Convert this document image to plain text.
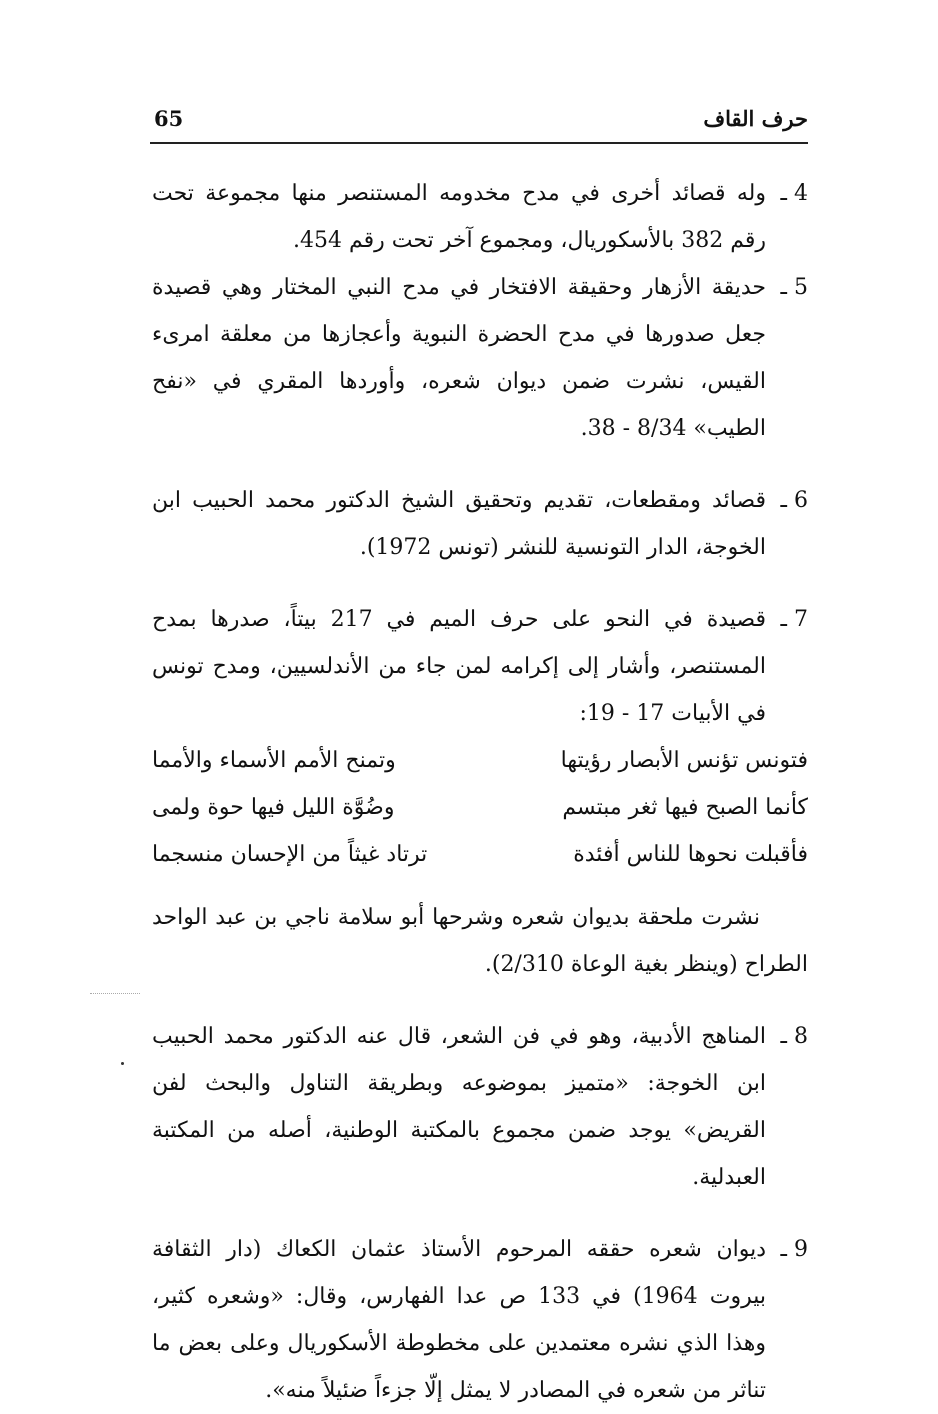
65	حرف القاف
4 ـ
وله قصائد أخرى في مدح مخدومه المستنصر منها مجموعة تحت رقم 382 بالأسكوريال، ومجموع آخر تحت رقم 454.
5 ـ
حديقة الأزهار وحقيقة الافتخار في مدح النبي المختار وهي قصيدة جعل صدورها في مدح الحضرة النبوية وأعجازها من معلقة امرىء القيس، نشرت ضمن ديوان شعره، وأوردها المقري في «نفح الطيب» 8/34 - 38.
6 ـ
قصائد ومقطعات، تقديم وتحقيق الشيخ الدكتور محمد الحبيب ابن الخوجة، الدار التونسية للنشر (تونس 1972).
7 ـ
قصيدة في النحو على حرف الميم في 217 بيتاً، صدرها بمدح المستنصر، وأشار إلى إكرامه لمن جاء من الأندلسيين، ومدح تونس في الأبيات 17 - 19:
فتونس تؤنس الأبصار رؤيتها
وتمنح الأمم الأسماء والأمما
كأنما الصبح فيها ثغر مبتسم
وضُوَّة الليل فيها حوة ولمى
فأقبلت نحوها للناس أفئدة
ترتاد غيثاً من الإحسان منسجما
نشرت ملحقة بديوان شعره وشرحها أبو سلامة ناجي بن عبد الواحد الطراح (وينظر بغية الوعاة 2/310).
8 ـ
المناهج الأدبية، وهو في فن الشعر، قال عنه الدكتور محمد الحبيب ابن الخوجة: «متميز بموضوعه وبطريقة التناول والبحث لفن القريض» يوجد ضمن مجموع بالمكتبة الوطنية، أصله من المكتبة العبدلية.
9 ـ
ديوان شعره حققه المرحوم الأستاذ عثمان الكعاك (دار الثقافة بيروت 1964) في 133 ص عدا الفهارس، وقال: «وشعره كثير، وهذا الذي نشره معتمدين على مخطوطة الأسكوريال وعلى بعض ما تناثر من شعره في المصادر لا يمثل إلّا جزءاً ضئيلاً منه».
